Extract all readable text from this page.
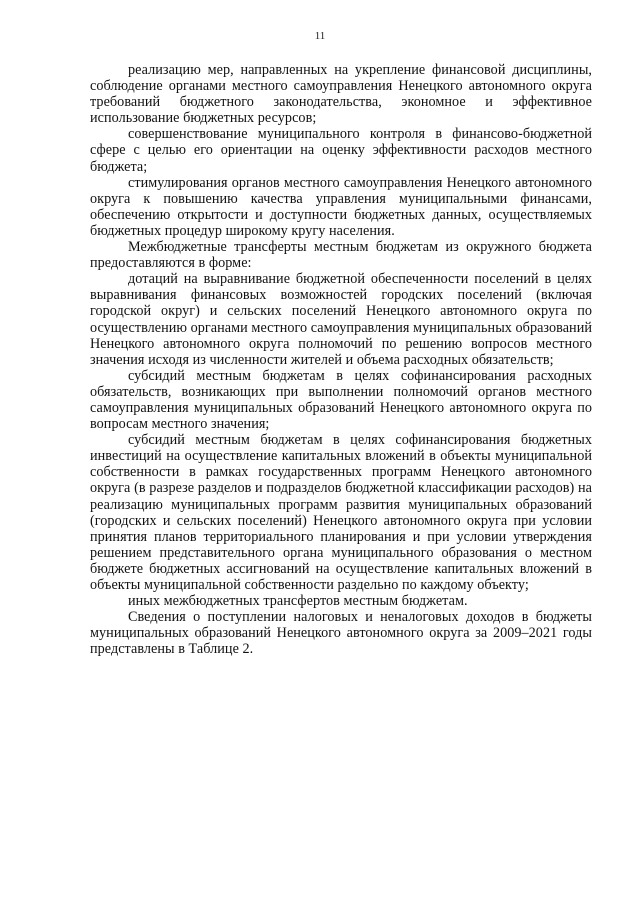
11

реализацию мер, направленных на укрепление финансовой дисциплины, соблюдение органами местного самоуправления Ненецкого автономного округа требований бюджетного законодательства, экономное и эффективное использование бюджетных ресурсов;

совершенствование муниципального контроля в финансово-бюджетной сфере с целью его ориентации на оценку эффективности расходов местного бюджета;

стимулирования органов местного самоуправления Ненецкого автономного округа к повышению качества управления муниципальными финансами, обеспечению открытости и доступности бюджетных данных, осуществляемых бюджетных процедур широкому кругу населения.

Межбюджетные трансферты местным бюджетам из окружного бюджета предоставляются в форме:

дотаций на выравнивание бюджетной обеспеченности поселений в целях выравнивания финансовых возможностей городских поселений (включая городской округ) и сельских поселений Ненецкого автономного округа по осуществлению органами местного самоуправления муниципальных образований Ненецкого автономного округа полномочий по решению вопросов местного значения исходя из численности жителей и объема расходных обязательств;

субсидий местным бюджетам в целях софинансирования расходных обязательств, возникающих при выполнении полномочий органов местного самоуправления муниципальных образований Ненецкого автономного округа по вопросам местного значения;

субсидий местным бюджетам в целях софинансирования бюджетных инвестиций на осуществление капитальных вложений в объекты муниципальной собственности в рамках государственных программ Ненецкого автономного округа (в разрезе разделов и подразделов бюджетной классификации расходов) на реализацию муниципальных программ развития муниципальных образований (городских и сельских поселений) Ненецкого автономного округа при условии принятия планов территориального планирования и при условии утверждения решением представительного органа муниципального образования о местном бюджете бюджетных ассигнований на осуществление капитальных вложений в объекты муниципальной собственности раздельно по каждому объекту;

иных межбюджетных трансфертов местным бюджетам.

Сведения о поступлении налоговых и неналоговых доходов в бюджеты муниципальных образований Ненецкого автономного округа за 2009–2021 годы представлены в Таблице 2.
